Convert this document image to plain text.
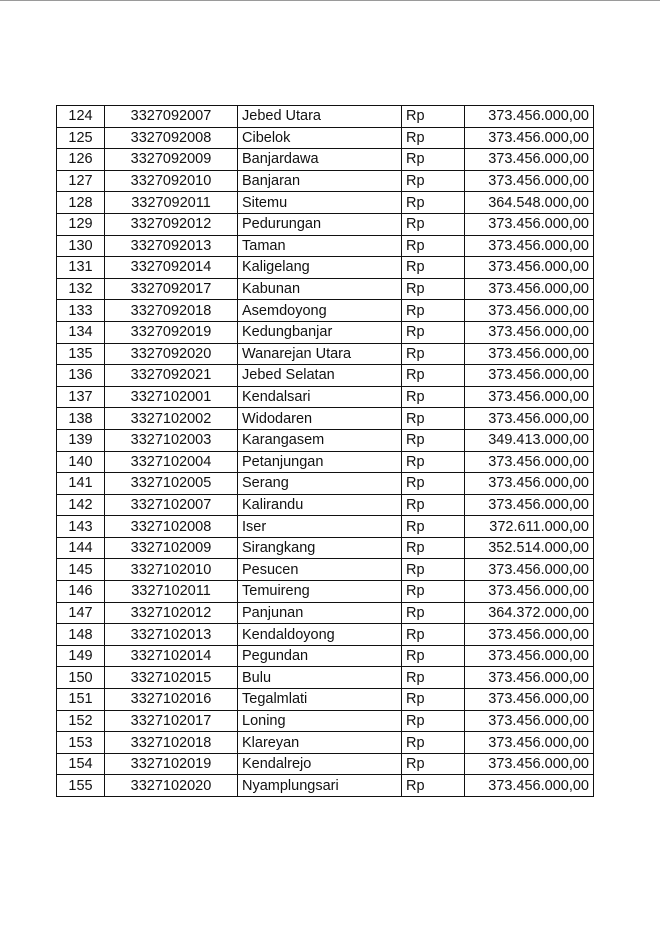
124	3327092007	Jebed Utara	Rp	373.456.000,00
125	3327092008	Cibelok	Rp	373.456.000,00
126	3327092009	Banjardawa	Rp	373.456.000,00
127	3327092010	Banjaran	Rp	373.456.000,00
128	3327092011	Sitemu	Rp	364.548.000,00
129	3327092012	Pedurungan	Rp	373.456.000,00
130	3327092013	Taman	Rp	373.456.000,00
131	3327092014	Kaligelang	Rp	373.456.000,00
132	3327092017	Kabunan	Rp	373.456.000,00
133	3327092018	Asemdoyong	Rp	373.456.000,00
134	3327092019	Kedungbanjar	Rp	373.456.000,00
135	3327092020	Wanarejan Utara	Rp	373.456.000,00
136	3327092021	Jebed Selatan	Rp	373.456.000,00
137	3327102001	Kendalsari	Rp	373.456.000,00
138	3327102002	Widodaren	Rp	373.456.000,00
139	3327102003	Karangasem	Rp	349.413.000,00
140	3327102004	Petanjungan	Rp	373.456.000,00
141	3327102005	Serang	Rp	373.456.000,00
142	3327102007	Kalirandu	Rp	373.456.000,00
143	3327102008	Iser	Rp	372.611.000,00
144	3327102009	Sirangkang	Rp	352.514.000,00
145	3327102010	Pesucen	Rp	373.456.000,00
146	3327102011	Temuireng	Rp	373.456.000,00
147	3327102012	Panjunan	Rp	364.372.000,00
148	3327102013	Kendaldoyong	Rp	373.456.000,00
149	3327102014	Pegundan	Rp	373.456.000,00
150	3327102015	Bulu	Rp	373.456.000,00
151	3327102016	Tegalmlati	Rp	373.456.000,00
152	3327102017	Loning	Rp	373.456.000,00
153	3327102018	Klareyan	Rp	373.456.000,00
154	3327102019	Kendalrejo	Rp	373.456.000,00
155	3327102020	Nyamplungsari	Rp	373.456.000,00
